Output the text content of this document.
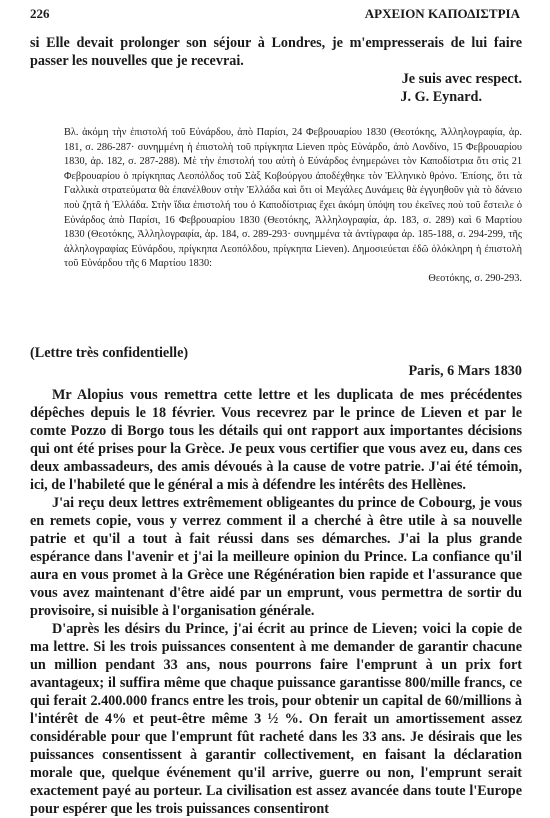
226	ΑΡΧΕΙΟΝ ΚΑΠΟΔΙΣΤΡΙΑ

si Elle devait prolonger son séjour à Londres, je m'empresserais de lui faire passer les nouvelles que je recevrai.

Je suis avec respect.

J. G. Eynard.

Βλ. ἀκόμη τὴν ἐπιστολή τοῦ Εὐνάρδου, ἀπὸ Παρίσι, 24 Φεβρουαρίου 1830 (Θεοτόκης, Ἀλληλογραφία, ἀρ. 181, σ. 286-287· συνημμένη ἡ ἐπιστολὴ τοῦ πρίγκηπα Lieven πρὸς Εὐνάρδο, ἀπὸ Λονδίνο, 15 Φεβρουαρίου 1830, ἀρ. 182, σ. 287-288). Μὲ τὴν ἐπιστολή του αὐτὴ ὁ Εὐνάρδος ἐνημερώνει τὸν Καποδίστρια ὅτι στὶς 21 Φεβρουαρίου ὁ πρίγκηπας Λεοπόλδος τοῦ Σὰξ Κοβούργου ἀποδέχθηκε τὸν Ἑλληνικὸ θρόνο. Ἐπίσης, ὅτι τὰ Γαλλικὰ στρατεύματα θὰ ἐπανέλθουν στὴν Ἑλλάδα καὶ ὅτι οἱ Μεγάλες Δυνάμεις θὰ ἐγγυηθοῦν γιὰ τὸ δάνειο ποὺ ζητᾶ ἡ Ἑλλάδα. Στὴν ἴδια ἐπιστολή του ὁ Καποδίστριας ἔχει ἀκόμη ὑπόψη του ἐκεῖνες ποὺ τοῦ ἔστειλε ὁ Εὐνάρδος ἀπὸ Παρίσι, 16 Φεβρουαρίου 1830 (Θεοτόκης, Ἀλληλογραφία, ἀρ. 183, σ. 289) καὶ 6 Μαρτίου 1830 (Θεοτόκης, Ἀλληλογραφία, ἀρ. 184, σ. 289-293· συνημμένα τὰ ἀντίγραφα ἀρ. 185-188, σ. 294-299, τῆς ἀλληλογραφίας Εὐνάρδου, πρίγκηπα Λεοπόλδου, πρίγκηπα Lieven). Δημοσιεύεται ἐδῶ ὁλόκληρη ἡ ἐπιστολὴ τοῦ Εὐνάρδου τῆς 6 Μαρτίου 1830:

Θεοτόκης, σ. 290-293.

(Lettre très confidentielle)
Paris, 6 Mars 1830

Mr Alopius vous remettra cette lettre et les duplicata de mes précédentes dépêches depuis le 18 février. Vous recevrez par le prince de Lieven et par le comte Pozzo di Borgo tous les détails qui ont rapport aux importantes décisions qui ont été prises pour la Grèce. Je peux vous certifier que vous avez eu, dans ces deux ambassadeurs, des amis dévoués à la cause de votre patrie. J'ai été témoin, ici, de l'habileté que le général a mis à défendre les intérêts des Hellènes.

J'ai reçu deux lettres extrêmement obligeantes du prince de Cobourg, je vous en remets copie, vous y verrez comment il a cherché à être utile à sa nouvelle patrie et qu'il a tout à fait réussi dans ses démarches. J'ai la plus grande espérance dans l'avenir et j'ai la meilleure opinion du Prince. La confiance qu'il aura en vous promet à la Grèce une Régénération bien rapide et l'assurance que vous avez maintenant d'être aidé par un emprunt, vous permettra de sortir du provisoire, si nuisible à l'organisation générale.

D'après les désirs du Prince, j'ai écrit au prince de Lieven; voici la copie de ma lettre. Si les trois puissances consentent à me demander de garantir chacune un million pendant 33 ans, nous pourrons faire l'emprunt à un prix fort avantageux; il suffira même que chaque puissance garantisse 800/mille francs, ce qui ferait 2.400.000 francs entre les trois, pour obtenir un capital de 60/millions à l'intérêt de 4% et peut-être même 3 ½ %. On ferait un amortissement assez considérable pour que l'emprunt fût racheté dans les 33 ans. Je désirais que les puissances consentissent à garantir collectivement, en faisant la déclaration morale que, quelque événement qu'il arrive, guerre ou non, l'emprunt serait exactement payé au porteur. La civilisation est assez avancée dans toute l'Europe pour espérer que les trois puissances consentiront
